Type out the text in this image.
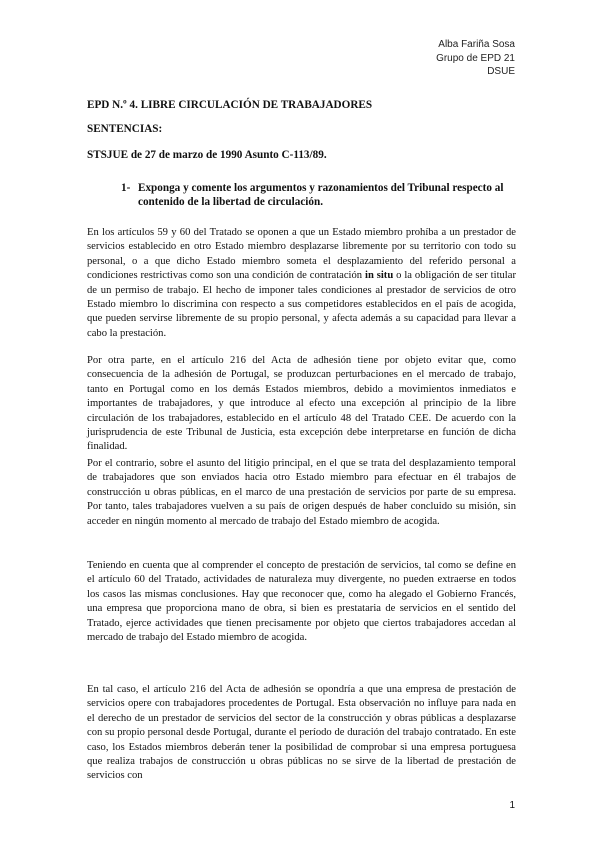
Alba Fariña Sosa
Grupo de EPD 21
DSUE
EPD N.º 4. LIBRE CIRCULACIÓN DE TRABAJADORES
SENTENCIAS:
STSJUE de 27 de marzo de 1990 Asunto C-113/89.
1- Exponga y comente los argumentos y razonamientos del Tribunal respecto al contenido de la libertad de circulación.

En los artículos 59 y 60 del Tratado se oponen a que un Estado miembro prohíba a un prestador de servicios establecido en otro Estado miembro desplazarse libremente por su territorio con todo su personal, o a que dicho Estado miembro someta el desplazamiento del referido personal a condiciones restrictivas como son una condición de contratación in situ o la obligación de ser titular de un permiso de trabajo. El hecho de imponer tales condiciones al prestador de servicios de otro Estado miembro lo discrimina con respecto a sus competidores establecidos en el país de acogida, que pueden servirse libremente de su propio personal, y afecta además a su capacidad para llevar a cabo la prestación.

Por otra parte, en el artículo 216 del Acta de adhesión tiene por objeto evitar que, como consecuencia de la adhesión de Portugal, se produzcan perturbaciones en el mercado de trabajo, tanto en Portugal como en los demás Estados miembros, debido a movimientos inmediatos e importantes de trabajadores, y que introduce al efecto una excepción al principio de la libre circulación de los trabajadores, establecido en el artículo 48 del Tratado CEE. De acuerdo con la jurisprudencia de este Tribunal de Justicia, esta excepción debe interpretarse en función de dicha finalidad.

Por el contrario, sobre el asunto del litigio principal, en el que se trata del desplazamiento temporal de trabajadores que son enviados hacia otro Estado miembro para efectuar en él trabajos de construcción u obras públicas, en el marco de una prestación de servicios por parte de su empresa. Por tanto, tales trabajadores vuelven a su país de origen después de haber concluido su misión, sin acceder en ningún momento al mercado de trabajo del Estado miembro de acogida.

Teniendo en cuenta que al comprender el concepto de prestación de servicios, tal como se define en el artículo 60 del Tratado, actividades de naturaleza muy divergente, no pueden extraerse en todos los casos las mismas conclusiones. Hay que reconocer que, como ha alegado el Gobierno Francés, una empresa que proporciona mano de obra, si bien es prestataria de servicios en el sentido del Tratado, ejerce actividades que tienen precisamente por objeto que ciertos trabajadores accedan al mercado de trabajo del Estado miembro de acogida.

En tal caso, el artículo 216 del Acta de adhesión se opondría a que una empresa de prestación de servicios opere con trabajadores procedentes de Portugal. Esta observación no influye para nada en el derecho de un prestador de servicios del sector de la construcción y obras públicas a desplazarse con su propio personal desde Portugal, durante el período de duración del trabajo contratado. En este caso, los Estados miembros deberán tener la posibilidad de comprobar si una empresa portuguesa que realiza trabajos de construcción u obras públicas no se sirve de la libertad de prestación de servicios con

1
